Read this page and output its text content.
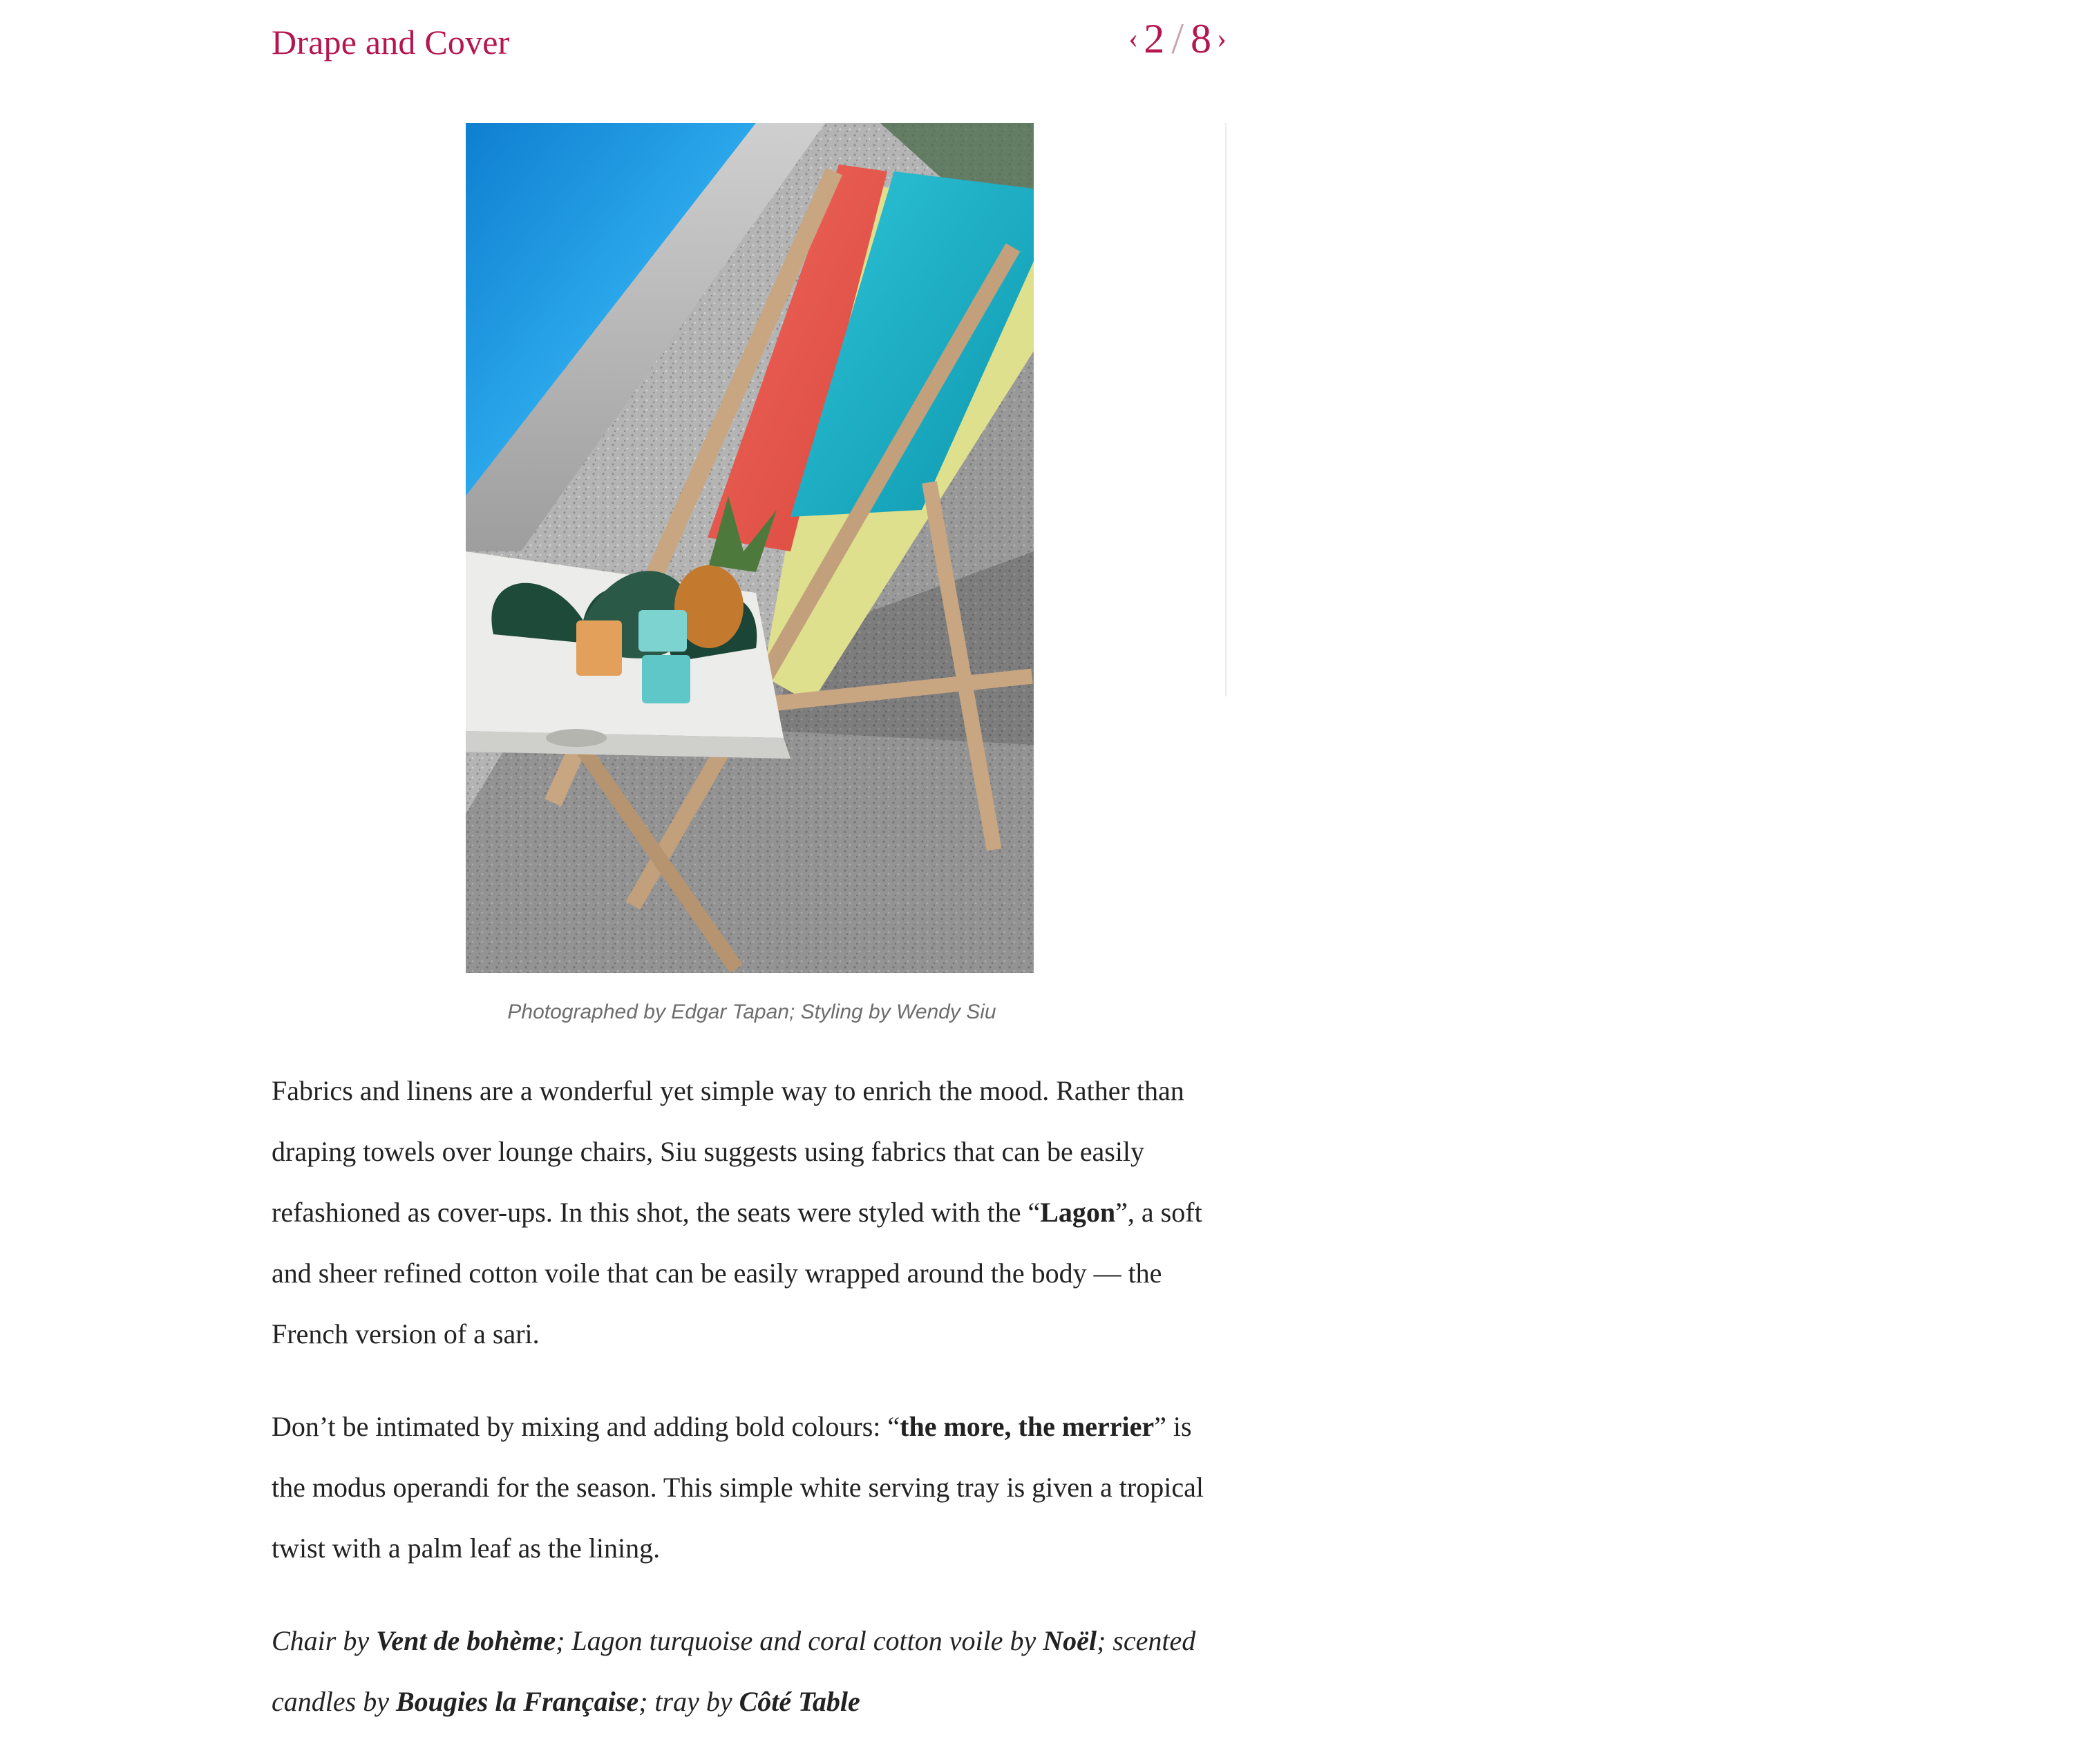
Drape and Cover	‹ 2 / 8 ›
Photographed by Edgar Tapan; Styling by Wendy Siu

Fabrics and linens are a wonderful yet simple way to enrich the mood. Rather than draping towels over lounge chairs, Siu suggests using fabrics that can be easily refashioned as cover-ups. In this shot, the seats were styled with the “Lagon”, a soft and sheer refined cotton voile that can be easily wrapped around the body — the French version of a sari.

Don’t be intimated by mixing and adding bold colours: “the more, the merrier” is the modus operandi for the season. This simple white serving tray is given a tropical twist with a palm leaf as the lining.

Chair by Vent de bohème; Lagon turquoise and coral cotton voile by Noël; scented candles by Bougies la Française; tray by Côté Table
